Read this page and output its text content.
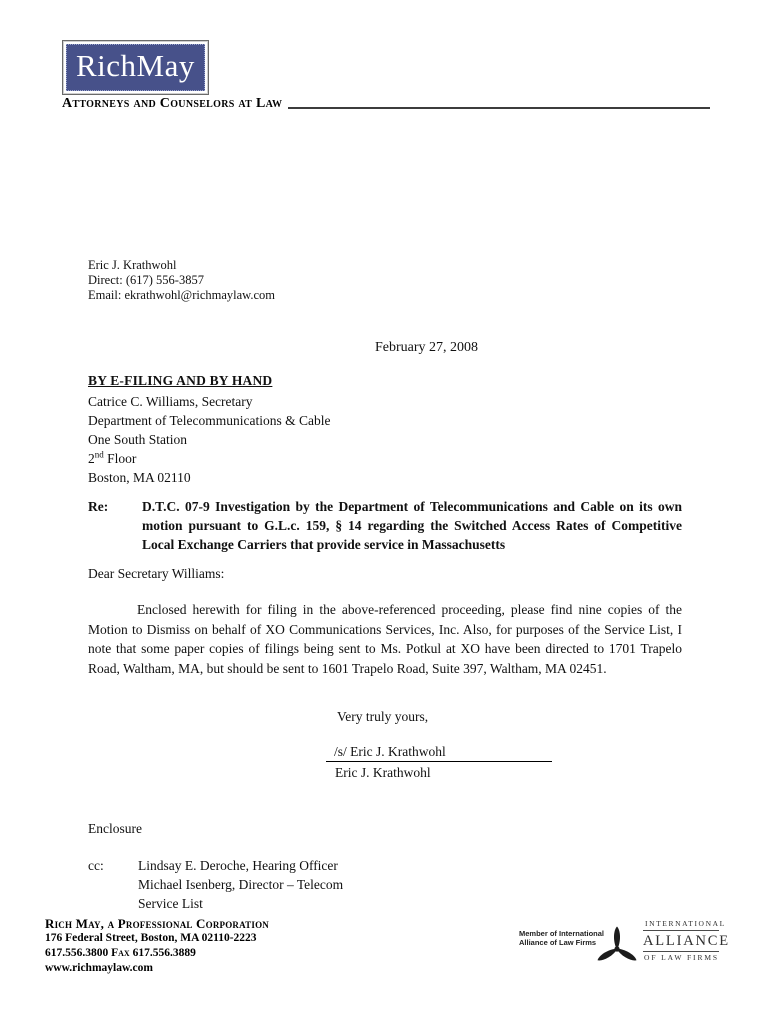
RichMay
Attorneys and Counselors at Law
Eric J. Krathwohl
Direct: (617) 556-3857
Email: ekrathwohl@richmaylaw.com
February 27, 2008
BY E-FILING AND BY HAND
Catrice C. Williams, Secretary
Department of Telecommunications & Cable
One South Station
2nd Floor
Boston, MA 02110
Re:	D.T.C. 07-9 Investigation by the Department of Telecommunications and Cable on its own motion pursuant to G.L.c. 159, § 14 regarding the Switched Access Rates of Competitive Local Exchange Carriers that provide service in Massachusetts
Dear Secretary Williams:
Enclosed herewith for filing in the above-referenced proceeding, please find nine copies of the Motion to Dismiss on behalf of XO Communications Services, Inc. Also, for purposes of the Service List, I note that some paper copies of filings being sent to Ms. Potkul at XO have been directed to 1701 Trapelo Road, Waltham, MA, but should be sent to 1601 Trapelo Road, Suite 397, Waltham, MA 02451.
Very truly yours,
/s/ Eric J. Krathwohl
Eric J. Krathwohl
Enclosure
cc:	Lindsay E. Deroche, Hearing Officer
Michael Isenberg, Director – Telecom
Service List
Rich May, a Professional Corporation
176 Federal Street, Boston, MA 02110-2223
617.556.3800 Fax 617.556.3889
www.richmaylaw.com
Member of International
Alliance of Law Firms
INTERNATIONAL
ALLIANCE
OF LAW FIRMS
